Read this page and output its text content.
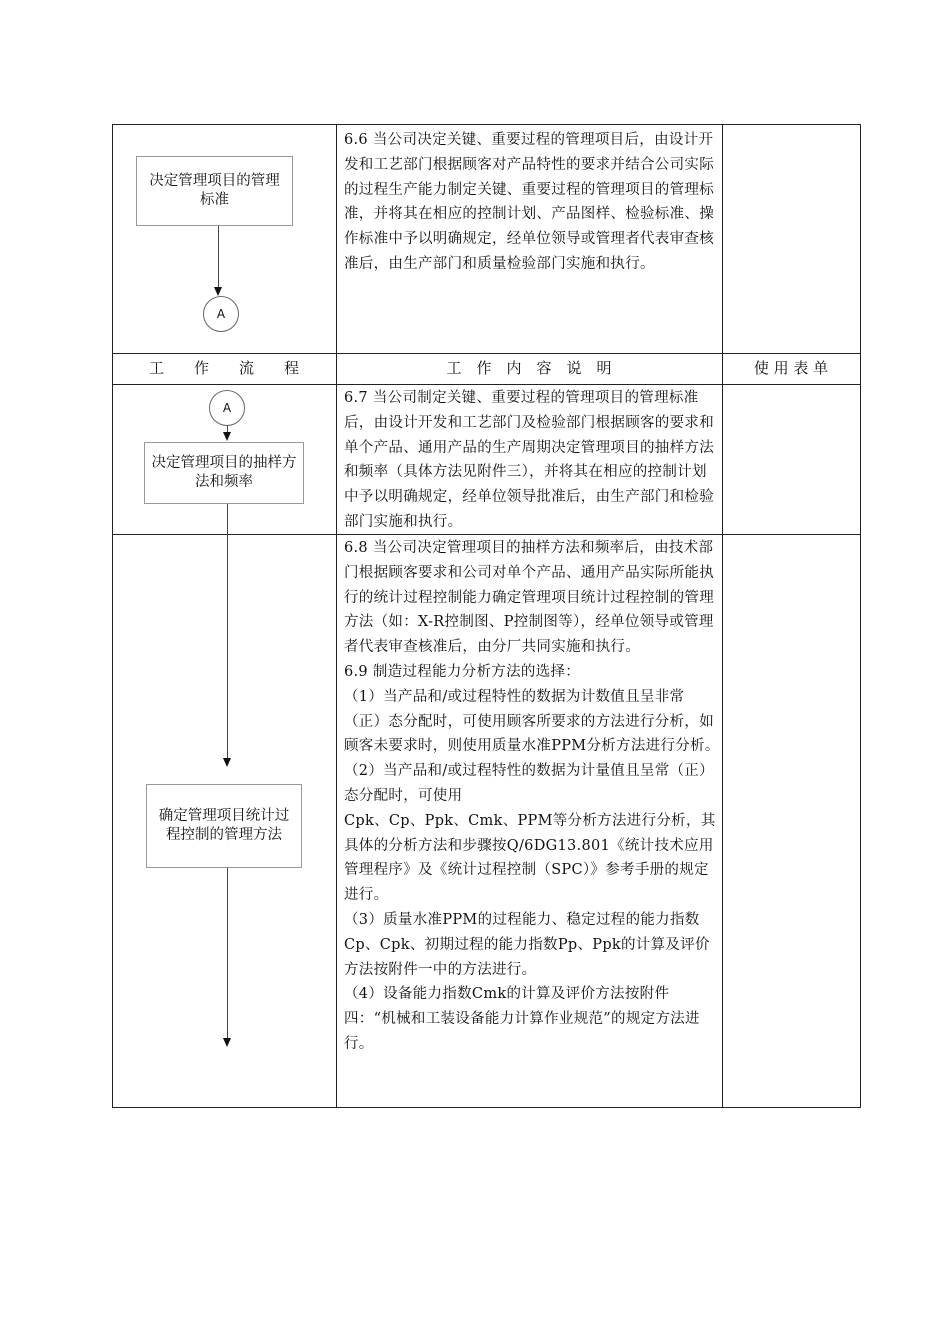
工　　作　　流　　程	工　作　内　容　说　明	使 用 表 单
决定管理项目的管理标准
A

6.6 当公司决定关键、重要过程的管理项目后，由设计开发和工艺部门根据顾客对产品特性的要求并结合公司实际的过程生产能力制定关键、重要过程的管理项目的管理标准，并将其在相应的控制计划、产品图样、检验标准、操作标准中予以明确规定，经单位领导或管理者代表审查核准后，由生产部门和质量检验部门实施和执行。

A
决定管理项目的抽样方法和频率

6.7 当公司制定关键、重要过程的管理项目的管理标准后，由设计开发和工艺部门及检验部门根据顾客的要求和单个产品、通用产品的生产周期决定管理项目的抽样方法和频率（具体方法见附件三），并将其在相应的控制计划中予以明确规定，经单位领导批准后，由生产部门和检验部门实施和执行。

确定管理项目统计过程控制的管理方法

6.8 当公司决定管理项目的抽样方法和频率后，由技术部门根据顾客要求和公司对单个产品、通用产品实际所能执行的统计过程控制能力确定管理项目统计过程控制的管理方法（如：X-R控制图、P控制图等），经单位领导或管理者代表审查核准后，由分厂共同实施和执行。

6.9 制造过程能力分析方法的选择：

（1）当产品和/或过程特性的数据为计数值且呈非常（正）态分配时，可使用顾客所要求的方法进行分析，如顾客未要求时，则使用质量水准PPM分析方法进行分析。

（2）当产品和/或过程特性的数据为计量值且呈常（正）态分配时，可使用

Cpk、Cp、Ppk、Cmk、PPM等分析方法进行分析，其具体的分析方法和步骤按Q/6DG13.801《统计技术应用管理程序》及《统计过程控制（SPC）》参考手册的规定进行。

（3）质量水准PPM的过程能力、稳定过程的能力指数Cp、Cpk、初期过程的能力指数Pp、Ppk的计算及评价方法按附件一中的方法进行。

（4）设备能力指数Cmk的计算及评价方法按附件四：“机械和工装设备能力计算作业规范”的规定方法进行。
